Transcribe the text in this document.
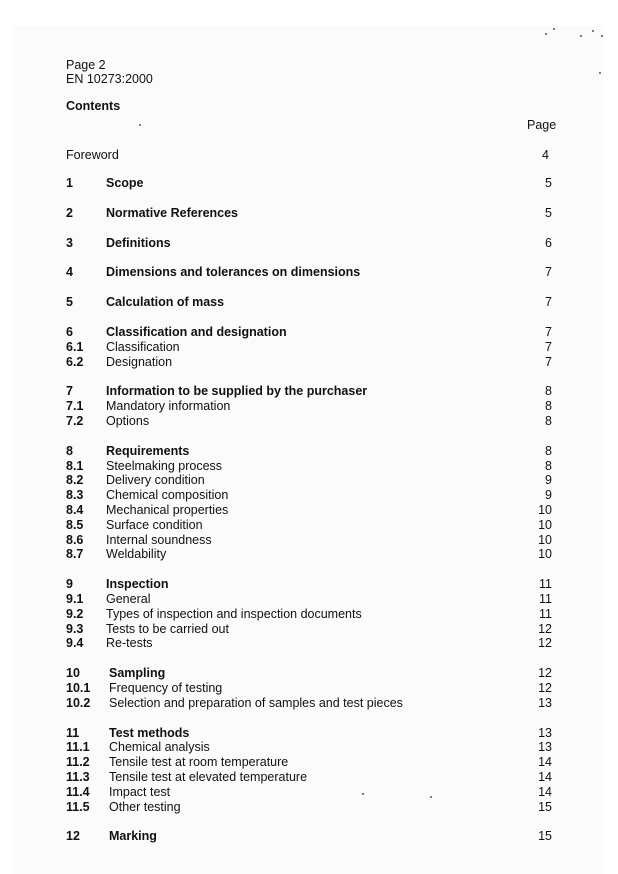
Page 2
EN 10273:2000
Contents
Page
Foreword	4
1	Scope	5
2	Normative References	5
3	Definitions	6
4	Dimensions and tolerances on dimensions	7
5	Calculation of mass	7
6	Classification and designation	7
6.1	Classification	7
6.2	Designation	7
7	Information to be supplied by the purchaser	8
7.1	Mandatory information	8
7.2	Options	8
8	Requirements	8
8.1	Steelmaking process	8
8.2	Delivery condition	9
8.3	Chemical composition	9
8.4	Mechanical properties	10
8.5	Surface condition	10
8.6	Internal soundness	10
8.7	Weldability	10
9	Inspection	11
9.1	General	11
9.2	Types of inspection and inspection documents	11
9.3	Tests to be carried out	12
9.4	Re-tests	12
10	Sampling	12
10.1	Frequency of testing	12
10.2	Selection and preparation of samples and test pieces	13
11	Test methods	13
11.1	Chemical analysis	13
11.2	Tensile test at room temperature	14
11.3	Tensile test at elevated temperature	14
11.4	Impact test	14
11.5	Other testing	15
12	Marking	15
